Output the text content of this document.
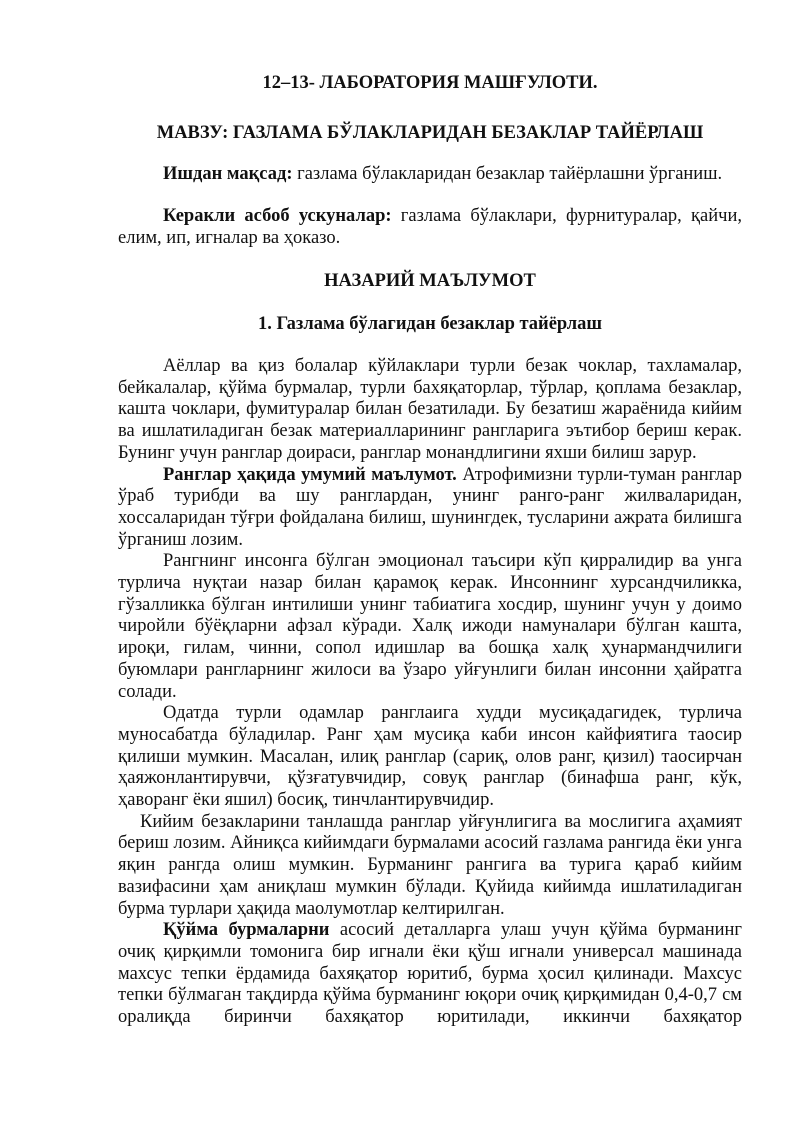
12–13- ЛАБОРАТОРИЯ МАШҒУЛОТИ.

МАВЗУ: ГАЗЛАМА БЎЛАКЛАРИДАН БЕЗАКЛАР ТАЙЁРЛАШ

Ишдан мақсад: газлама бўлакларидан безаклар тайёрлашни ўрганиш.

Керакли асбоб ускуналар: газлама бўлаклари, фурнитуралар, қайчи, елим, ип, игналар ва ҳоказо.

НАЗАРИЙ МАЪЛУМОТ

1. Газлама бўлагидан безаклар тайёрлаш

Аёллар ва қиз болалар кўйлаклари турли безак чоклар, тахламалар, бейкалалар, қўйма бурмалар, турли бахяқаторлар, тўрлар, қоплама безаклар, кашта чоклари, фумитуралар билан безатилади. Бу безатиш жараёнида кийим ва ишлатиладиган безак материалларининг рангларига эътибор бериш керак. Бунинг учун ранглар доираси, ранглар монандлигини яхши билиш зарур.

Ранглар ҳақида умумий маълумот. Атрофимизни турли-туман ранглар ўраб турибди ва шу ранглардан, унинг ранго-ранг жилваларидан, хоссаларидан тўғри фойдалана билиш, шунингдек, тусларини ажрата билишга ўрганиш лозим.

Рангнинг инсонга бўлган эмоционал таъсири кўп қирралидир ва унга турлича нуқтаи назар билан қарамоқ керак. Инсоннинг хурсандчиликка, гўзалликка бўлган интилиши унинг табиатига хосдир, шунинг учун у доимо чиройли бўёқларни афзал кўради. Халқ ижоди намуналари бўлган кашта, ироқи, гилам, чинни, сопол идишлар ва бошқа халқ ҳунармандчилиги буюмлари рангларнинг жилоси ва ўзаро уйғунлиги билан инсонни ҳайратга солади.

Одатда турли одамлар ранглаига худди мусиқадагидек, турлича муносабатда бўладилар. Ранг ҳам мусиқа каби инсон кайфиятига таосир қилиши мумкин. Масалан, илиқ ранглар (сариқ, олов ранг, қизил) таосирчан ҳаяжонлантирувчи, қўзғатувчидир, совуқ ранглар (бинафша ранг, кўк, ҳаворанг ёки яшил) босиқ, тинчлантирувчидир.

Кийим безакларини танлашда ранглар уйғунлигига ва мослигига аҳамият бериш лозим. Айниқса кийимдаги бурмалами асосий газлама рангида ёки унга яқин рангда олиш мумкин. Бурманинг рангига ва турига қараб кийим вазифасини ҳам аниқлаш мумкин бўлади. Қуйида кийимда ишлатиладиган бурма турлари ҳақида маолумотлар келтирилган.

Қўйма бурмаларни асосий деталларга улаш учун қўйма бурманинг очиқ қирқимли томонига бир игнали ёки қўш игнали универсал машинада махсус тепки ёрдамида бахяқатор юритиб, бурма ҳосил қилинади. Махсус тепки бўлмаган тақдирда қўйма бурманинг юқори очиқ қирқимидан 0,4-0,7 см оралиқда биринчи бахяқатор юритилади, иккинчи бахяқатор
